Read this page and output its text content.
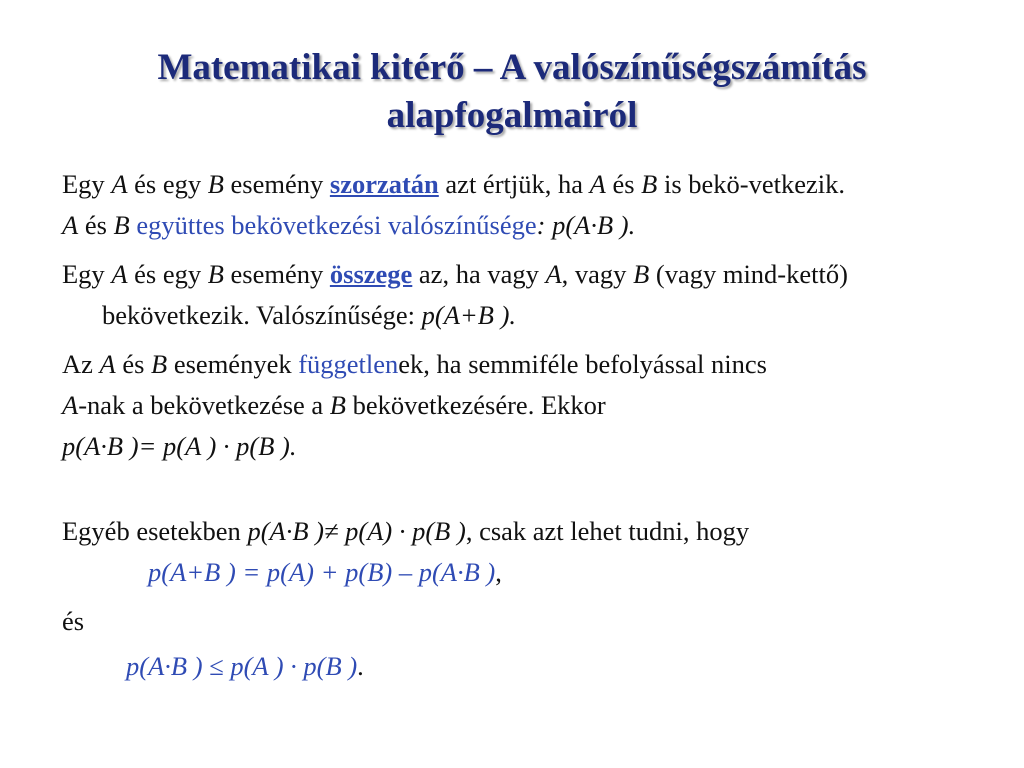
Matematikai kitérő – A valószínűségszámítás
alapfogalmairól
Egy A és egy B esemény szorzatán azt értjük, ha A és B is bekö-vetkezik.
A és B együttes bekövetkezési valószínűsége: p(A·B ).
Egy A és egy B esemény összege az, ha vagy A, vagy B (vagy mind-kettő) bekövetkezik. Valószínűsége: p(A+B ).
Az A és B események függetlenek, ha semmiféle befolyással nincs
A-nak a bekövetkezése a B bekövetkezésére. Ekkor
p(A·B )= p(A ) · p(B ).
Egyéb esetekben p(A·B )≠ p(A) · p(B ), csak azt lehet tudni, hogy
p(A+B ) = p(A) + p(B) – p(A·B ),
és
p(A·B ) ≤ p(A ) · p(B ).
